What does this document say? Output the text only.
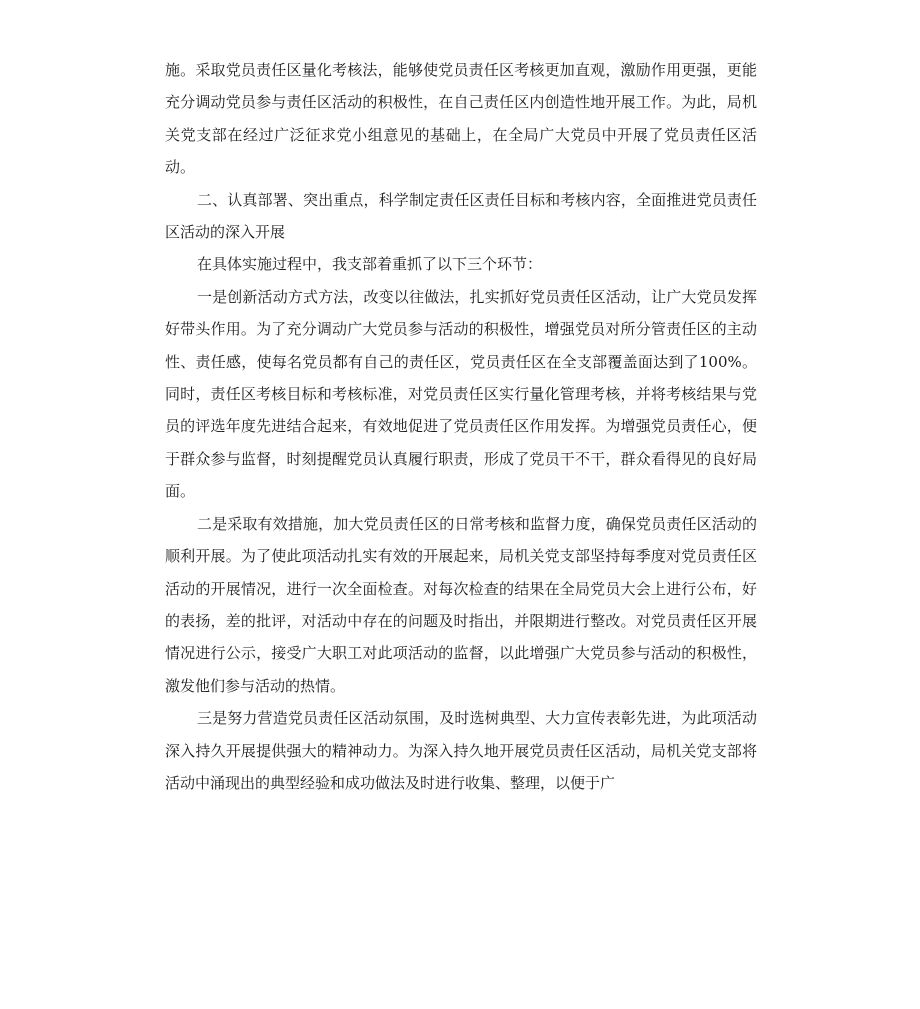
施。采取党员责任区量化考核法，能够使党员责任区考核更加直观，激励作用更强，更能充分调动党员参与责任区活动的积极性，在自己责任区内创造性地开展工作。为此，局机关党支部在经过广泛征求党小组意见的基础上，在全局广大党员中开展了党员责任区活动。

二、认真部署、突出重点，科学制定责任区责任目标和考核内容，全面推进党员责任区活动的深入开展

在具体实施过程中，我支部着重抓了以下三个环节：

一是创新活动方式方法，改变以往做法，扎实抓好党员责任区活动，让广大党员发挥好带头作用。为了充分调动广大党员参与活动的积极性，增强党员对所分管责任区的主动性、责任感，使每名党员都有自己的责任区，党员责任区在全支部覆盖面达到了100%。同时，责任区考核目标和考核标准，对党员责任区实行量化管理考核，并将考核结果与党员的评选年度先进结合起来，有效地促进了党员责任区作用发挥。为增强党员责任心，便于群众参与监督，时刻提醒党员认真履行职责，形成了党员干不干，群众看得见的良好局面。

二是采取有效措施，加大党员责任区的日常考核和监督力度，确保党员责任区活动的顺利开展。为了使此项活动扎实有效的开展起来，局机关党支部坚持每季度对党员责任区活动的开展情况，进行一次全面检查。对每次检查的结果在全局党员大会上进行公布，好的表扬，差的批评，对活动中存在的问题及时指出，并限期进行整改。对党员责任区开展情况进行公示，接受广大职工对此项活动的监督，以此增强广大党员参与活动的积极性，激发他们参与活动的热情。

三是努力营造党员责任区活动氛围，及时选树典型、大力宣传表彰先进，为此项活动深入持久开展提供强大的精神动力。为深入持久地开展党员责任区活动，局机关党支部将活动中涌现出的典型经验和成功做法及时进行收集、整理，以便于广
